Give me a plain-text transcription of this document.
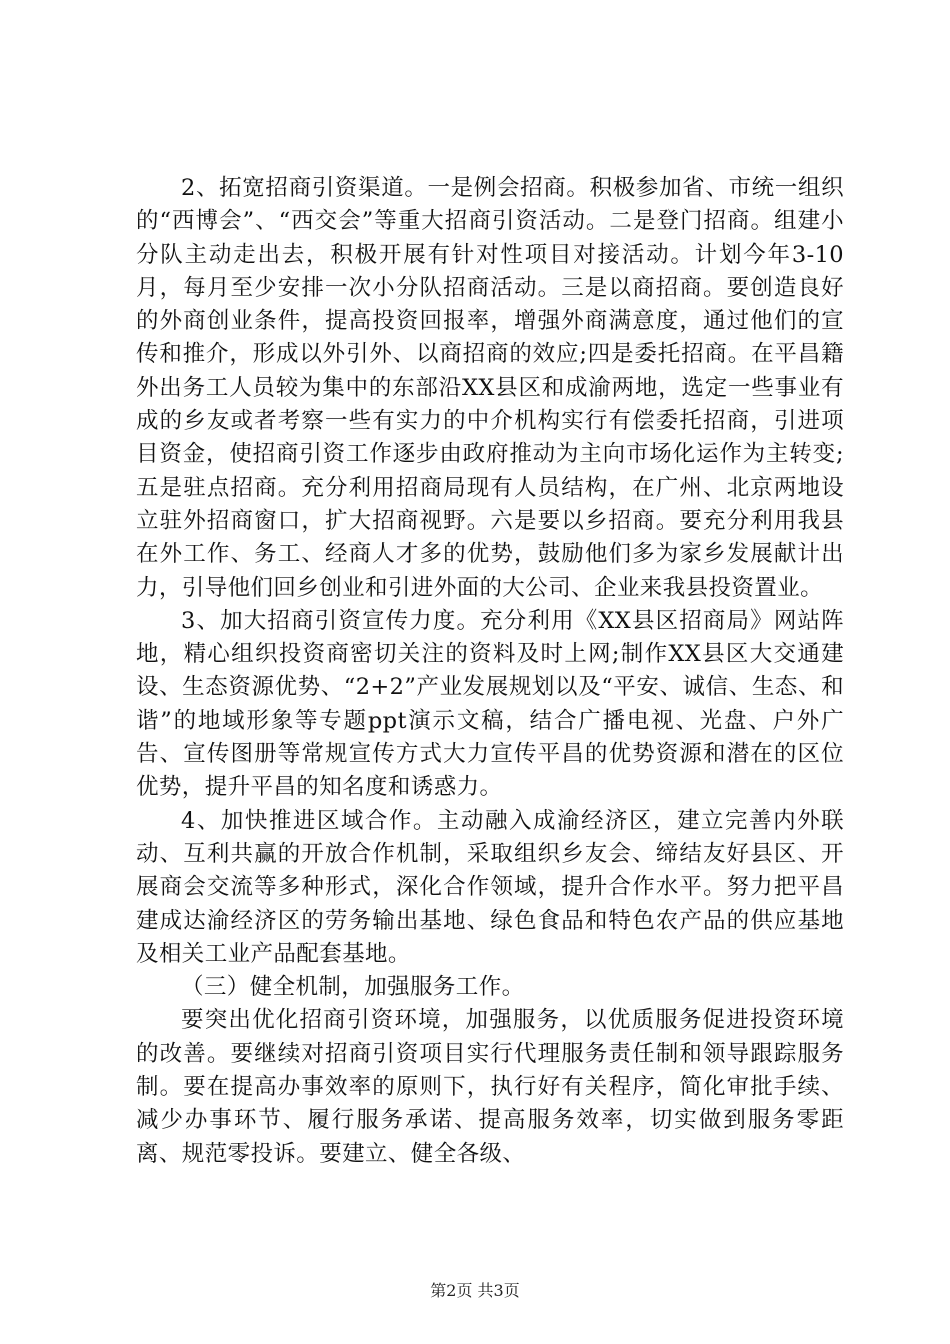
2、拓宽招商引资渠道。一是例会招商。积极参加省、市统一组织的“西博会”、“西交会”等重大招商引资活动。二是登门招商。组建小分队主动走出去，积极开展有针对性项目对接活动。计划今年3-10月，每月至少安排一次小分队招商活动。三是以商招商。要创造良好的外商创业条件，提高投资回报率，增强外商满意度，通过他们的宣传和推介，形成以外引外、以商招商的效应;四是委托招商。在平昌籍外出务工人员较为集中的东部沿XX县区和成渝两地，选定一些事业有成的乡友或者考察一些有实力的中介机构实行有偿委托招商，引进项目资金，使招商引资工作逐步由政府推动为主向市场化运作为主转变;五是驻点招商。充分利用招商局现有人员结构，在广州、北京两地设立驻外招商窗口，扩大招商视野。六是要以乡招商。要充分利用我县在外工作、务工、经商人才多的优势，鼓励他们多为家乡发展献计出力，引导他们回乡创业和引进外面的大公司、企业来我县投资置业。

3、加大招商引资宣传力度。充分利用《XX县区招商局》网站阵地，精心组织投资商密切关注的资料及时上网;制作XX县区大交通建设、生态资源优势、“2+2”产业发展规划以及“平安、诚信、生态、和谐”的地域形象等专题ppt演示文稿，结合广播电视、光盘、户外广告、宣传图册等常规宣传方式大力宣传平昌的优势资源和潜在的区位优势，提升平昌的知名度和诱惑力。

4、加快推进区域合作。主动融入成渝经济区，建立完善内外联动、互利共赢的开放合作机制，采取组织乡友会、缔结友好县区、开展商会交流等多种形式，深化合作领域，提升合作水平。努力把平昌建成达渝经济区的劳务输出基地、绿色食品和特色农产品的供应基地及相关工业产品配套基地。

（三）健全机制，加强服务工作。

要突出优化招商引资环境，加强服务，以优质服务促进投资环境的改善。要继续对招商引资项目实行代理服务责任制和领导跟踪服务制。要在提高办事效率的原则下，执行好有关程序，简化审批手续、减少办事环节、履行服务承诺、提高服务效率，切实做到服务零距离、规范零投诉。要建立、健全各级、

第2页 共3页
